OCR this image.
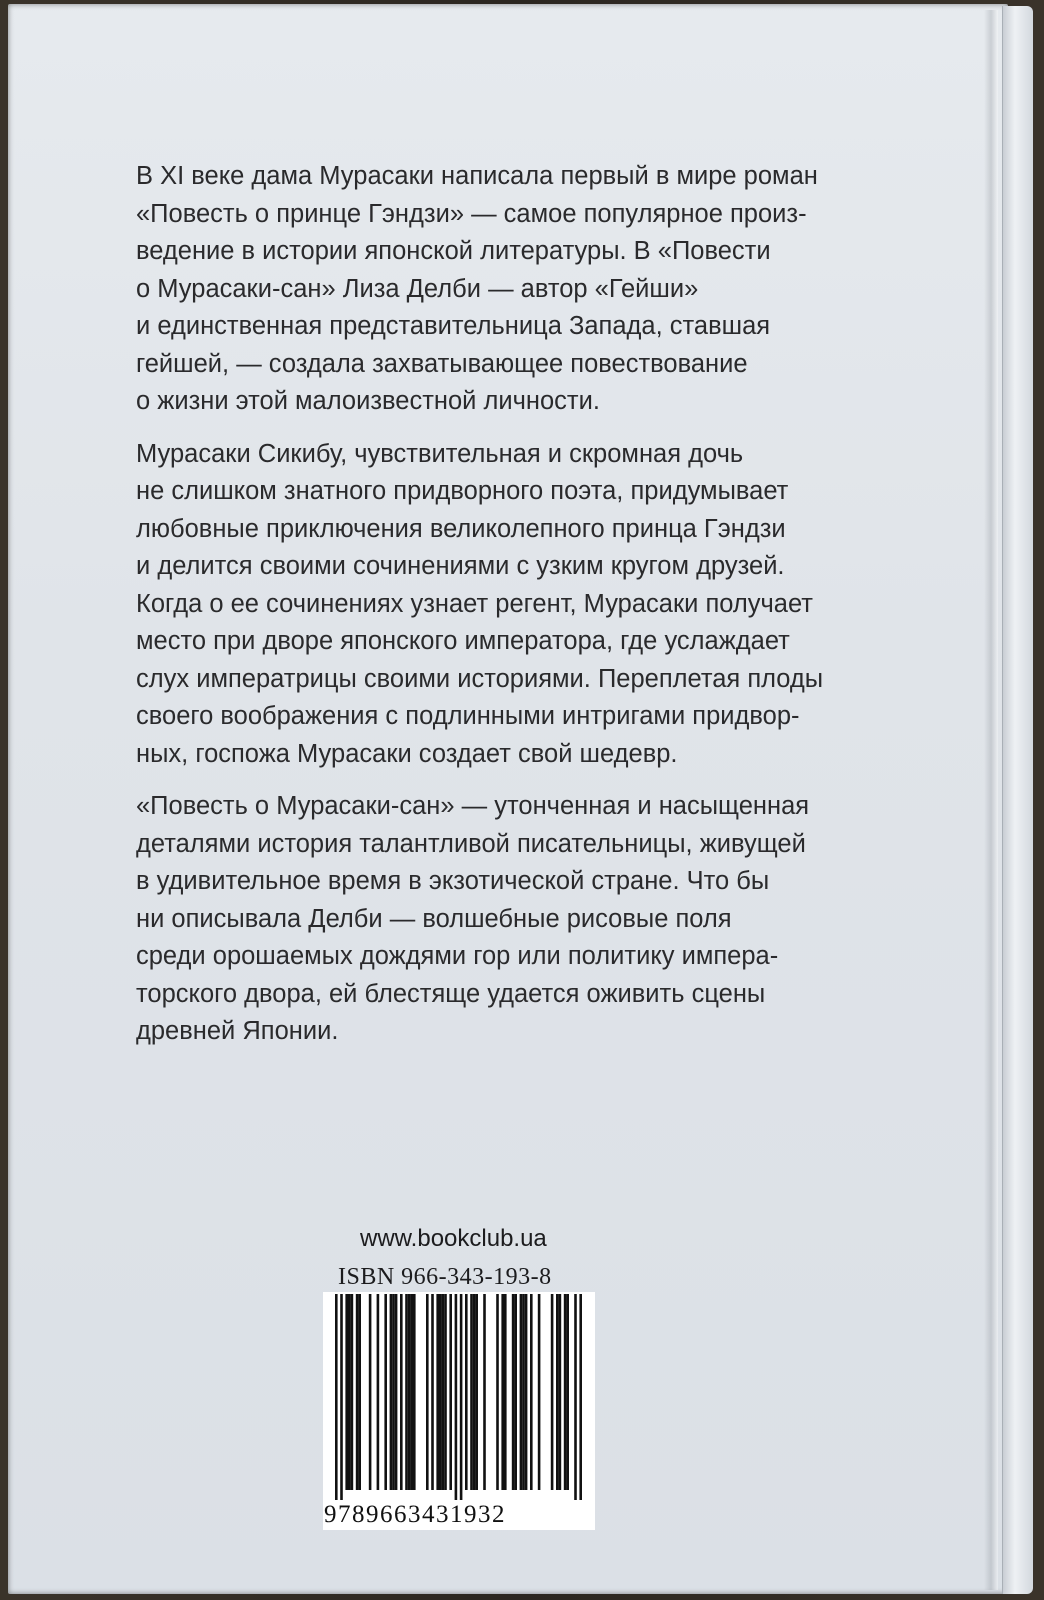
В XI веке дама Мурасаки написала первый в мире роман
«Повесть о принце Гэндзи» — самое популярное произ-
ведение в истории японской литературы. В «Повести
о Мурасаки-сан» Лиза Делби — автор «Гейши»
и единственная представительница Запада, ставшая
гейшей, — создала захватывающее повествование
о жизни этой малоизвестной личности.
Мурасаки Сикибу, чувствительная и скромная дочь
не слишком знатного придворного поэта, придумывает
любовные приключения великолепного принца Гэндзи
и делится своими сочинениями с узким кругом друзей.
Когда о ее сочинениях узнает регент, Мурасаки получает
место при дворе японского императора, где услаждает
слух императрицы своими историями. Переплетая плоды
своего воображения с подлинными интригами придвор-
ных, госпожа Мурасаки создает свой шедевр.
«Повесть о Мурасаки-сан» — утонченная и насыщенная
деталями история талантливой писательницы, живущей
в удивительное время в экзотической стране. Что бы
ни описывала Делби — волшебные рисовые поля
среди орошаемых дождями гор или политику импера-
торского двора, ей блестяще удается оживить сцены
древней Японии.
www.bookclub.ua
ISBN 966-343-193-8
9789663431932
